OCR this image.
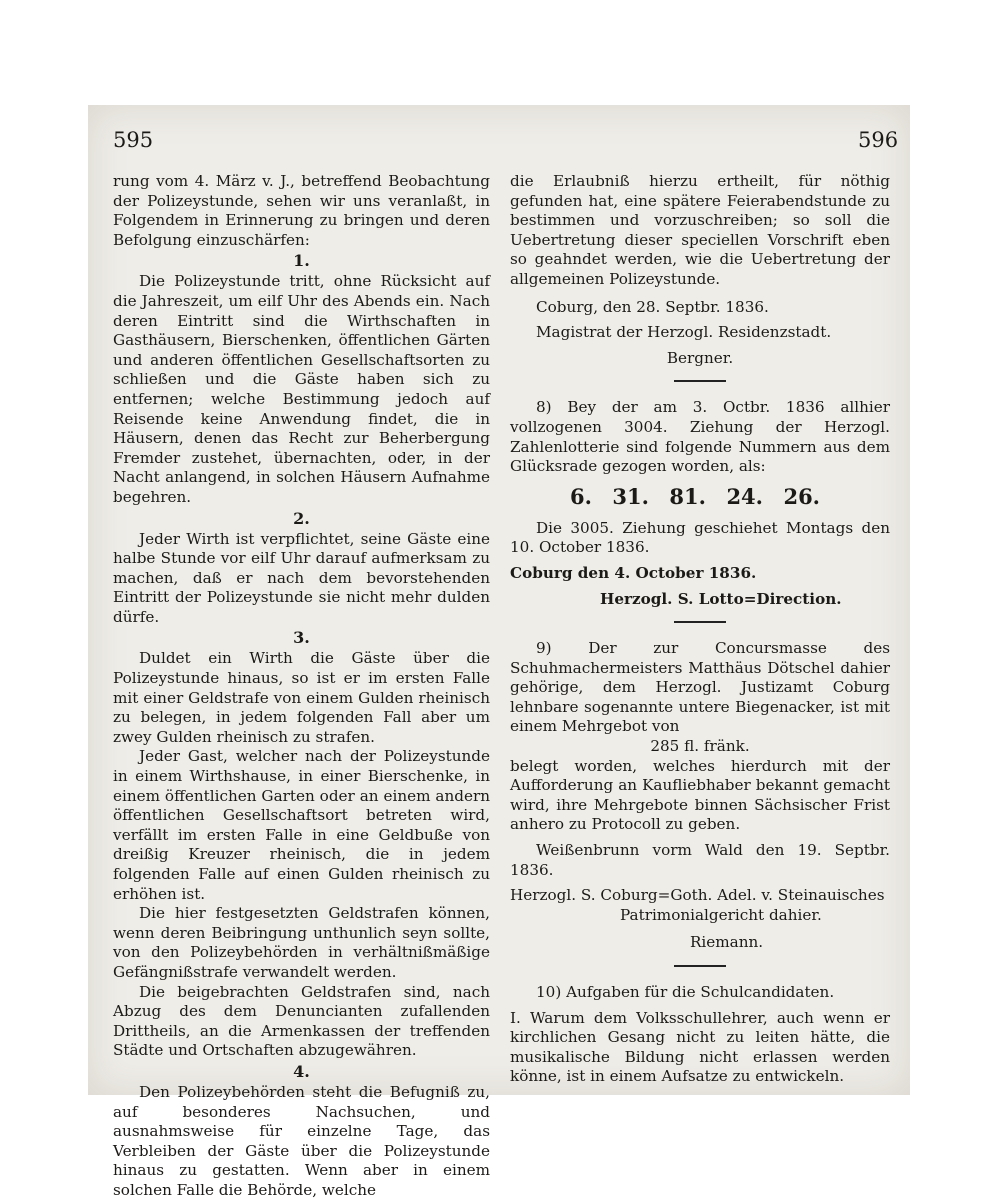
595	596

rung vom 4. März v. J., betreffend Beobachtung der Polizeystunde, sehen wir uns veranlaßt, in Folgendem in Erinnerung zu bringen und deren Befolgung einzuschärfen:

1.

Die Polizeystunde tritt, ohne Rücksicht auf die Jahreszeit, um eilf Uhr des Abends ein. Nach deren Eintritt sind die Wirthschaften in Gasthäusern, Bierschenken, öffentlichen Gärten und anderen öffentlichen Gesellschaftsorten zu schließen und die Gäste haben sich zu entfernen; welche Bestimmung jedoch auf Reisende keine Anwendung findet, die in Häusern, denen das Recht zur Beherbergung Fremder zustehet, übernachten, oder, in der Nacht anlangend, in solchen Häusern Aufnahme begehren.

2.

Jeder Wirth ist verpflichtet, seine Gäste eine halbe Stunde vor eilf Uhr darauf aufmerksam zu machen, daß er nach dem bevorstehenden Eintritt der Polizeystunde sie nicht mehr dulden dürfe.

3.

Duldet ein Wirth die Gäste über die Polizeystunde hinaus, so ist er im ersten Falle mit einer Geldstrafe von einem Gulden rheinisch zu belegen, in jedem folgenden Fall aber um zwey Gulden rheinisch zu strafen.

Jeder Gast, welcher nach der Polizeystunde in einem Wirthshause, in einer Bierschenke, in einem öffentlichen Garten oder an einem andern öffentlichen Gesellschaftsort betreten wird, verfällt im ersten Falle in eine Geldbuße von dreißig Kreuzer rheinisch, die in jedem folgenden Falle auf einen Gulden rheinisch zu erhöhen ist.

Die hier festgesetzten Geldstrafen können, wenn deren Beibringung unthunlich seyn sollte, von den Polizeybehörden in verhältnißmäßige Gefängnißstrafe verwandelt werden.

Die beigebrachten Geldstrafen sind, nach Abzug des dem Denuncianten zufallenden Drittheils, an die Armenkassen der treffenden Städte und Ortschaften abzugewähren.

4.

Den Polizeybehörden steht die Befugniß zu, auf besonderes Nachsuchen, und ausnahmsweise für einzelne Tage, das Verbleiben der Gäste über die Polizeystunde hinaus zu gestatten. Wenn aber in einem solchen Falle die Behörde, welche

die Erlaubniß hierzu ertheilt, für nöthig gefunden hat, eine spätere Feierabendstunde zu bestimmen und vorzuschreiben; so soll die Uebertretung dieser speciellen Vorschrift eben so geahndet werden, wie die Uebertretung der allgemeinen Polizeystunde.

Coburg, den 28. Septbr. 1836.

Magistrat der Herzogl. Residenzstadt.

Bergner.

8) Bey der am 3. Octbr. 1836 allhier vollzogenen 3004. Ziehung der Herzogl. Zahlenlotterie sind folgende Nummern aus dem Glücksrade gezogen worden, als:

6. 31. 81. 24. 26.

Die 3005. Ziehung geschiehet Montags den 10. October 1836.

Coburg den 4. October 1836.

Herzogl. S. Lotto=Direction.

9) Der zur Concursmasse des Schuhmachermeisters Matthäus Dötschel dahier gehörige, dem Herzogl. Justizamt Coburg lehnbare sogenannte untere Biegenacker, ist mit einem Mehrgebot von

285 fl. fränk.

belegt worden, welches hierdurch mit der Aufforderung an Kaufliebhaber bekannt gemacht wird, ihre Mehrgebote binnen Sächsischer Frist anhero zu Protocoll zu geben.

Weißenbrunn vorm Wald den 19. Septbr. 1836.

Herzogl. S. Coburg=Goth. Adel. v. Steinauisches

Patrimonialgericht dahier.

Riemann.

10) Aufgaben für die Schulcandidaten.

I. Warum dem Volksschullehrer, auch wenn er kirchlichen Gesang nicht zu leiten hätte, die musikalische Bildung nicht erlassen werden könne, ist in einem Aufsatze zu entwickeln.
